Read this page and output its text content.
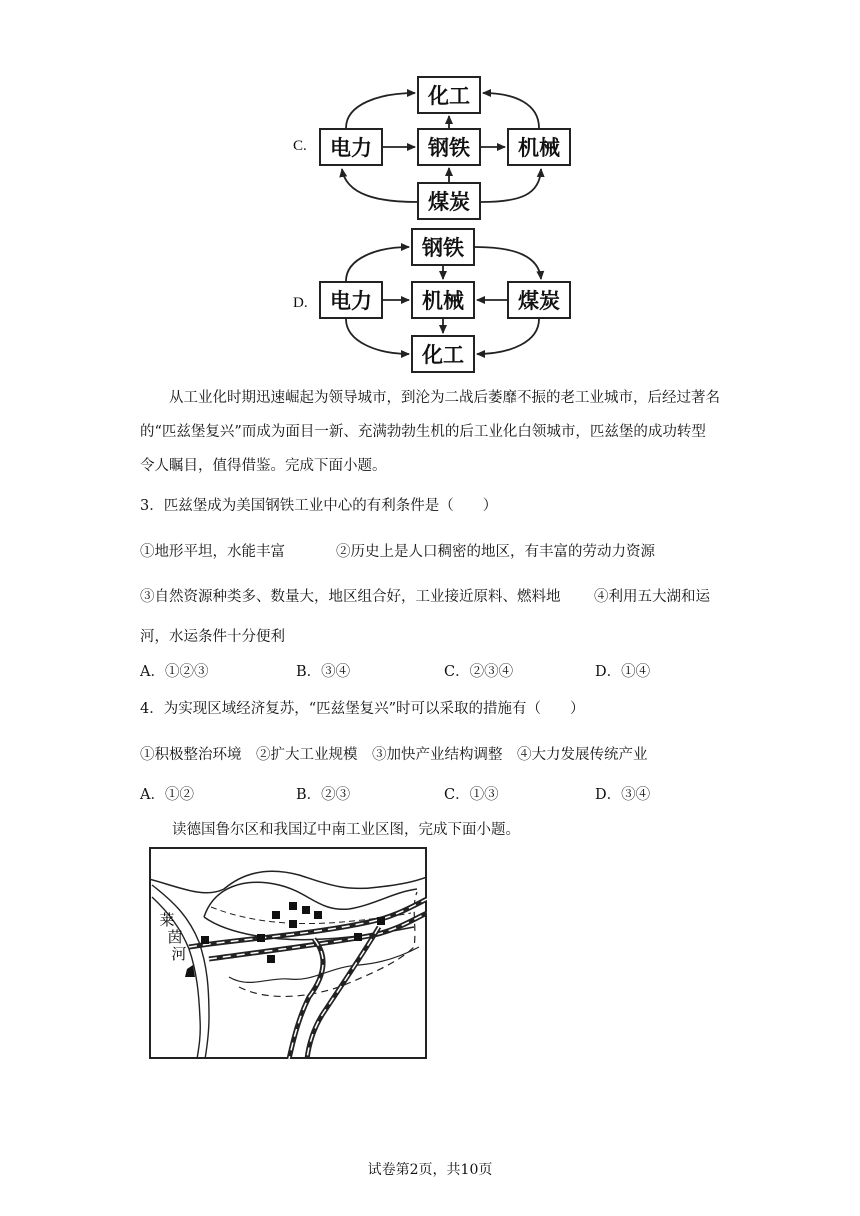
C.
化工
电力	钢铁 机械
煤炭
D.
钢铁
电力 机械	煤炭
化工
从工业化时期迅速崛起为领导城市，到沦为二战后萎靡不振的老工业城市，后经过著名的“匹兹堡复兴”而成为面目一新、充满勃勃生机的后工业化白领城市，匹兹堡的成功转型令人瞩目，值得借鉴。完成下面小题。
3．匹兹堡成为美国钢铁工业中心的有利条件是（　　）
①地形平坦，水能丰富	②历史上是人口稠密的地区，有丰富的劳动力资源
③自然资源种类多、数量大，地区组合好，工业接近原料、燃料地 ④利用五大湖和运
河，水运条件十分便利
A．①②③	B．③④	C．②③④	D．①④
4．为实现区域经济复苏，“匹兹堡复兴”时可以采取的措施有（　　）
①积极整治环境　②扩大工业规模　③加快产业结构调整　④大力发展传统产业
A．①②	B．②③	C．①③	D．③④
读德国鲁尔区和我国辽中南工业区图，完成下面小题。
莱
茵
河
试卷第2页，共10页
